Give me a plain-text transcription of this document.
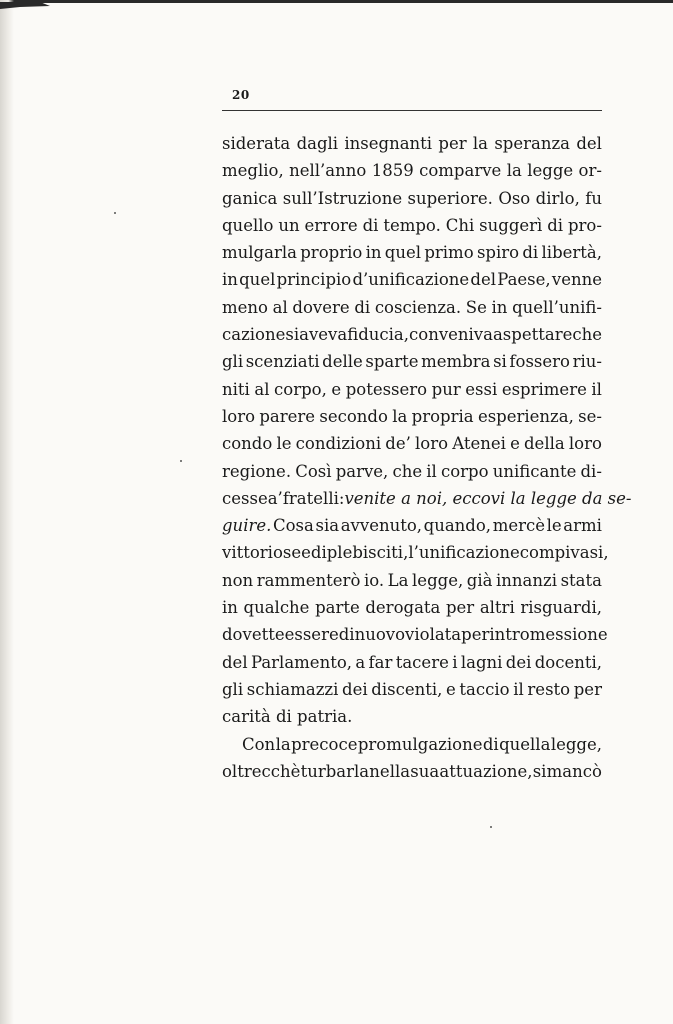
20
siderata dagli insegnanti per la speranza del
meglio, nell’anno 1859 comparve la legge or-
ganica sull’Istruzione superiore. Oso dirlo, fu
quello un errore di tempo. Chi suggerì di pro-
mulgarla proprio in quel primo spiro di libertà,
in quel principio d’unificazione del Paese, venne
meno al dovere di coscienza. Se in quell’unifi-
cazione si aveva fiducia, conveniva aspettare che
gli scenziati delle sparte membra si fossero riu-
niti al corpo, e potessero pur essi esprimere il
loro parere secondo la propria esperienza, se-
condo le condizioni de’ loro Atenei e della loro
regione. Così parve, che il corpo unificante di-
cesse a’ fratelli: venite a noi, eccovi la legge da se-
guire. Cosa sia avvenuto, quando, mercè le armi
vittoriose ed i plebisciti, l’unificazione compivasi,
non rammenterò io. La legge, già innanzi stata
in qualche parte derogata per altri risguardi,
dovette essere di nuovo violata per intromessione
del Parlamento, a far tacere i lagni dei docenti,
gli schiamazzi dei discenti, e taccio il resto per
carità di patria.
Con la precoce promulgazione di quella legge,
oltrecchè turbarla nella sua attuazione, si mancò
